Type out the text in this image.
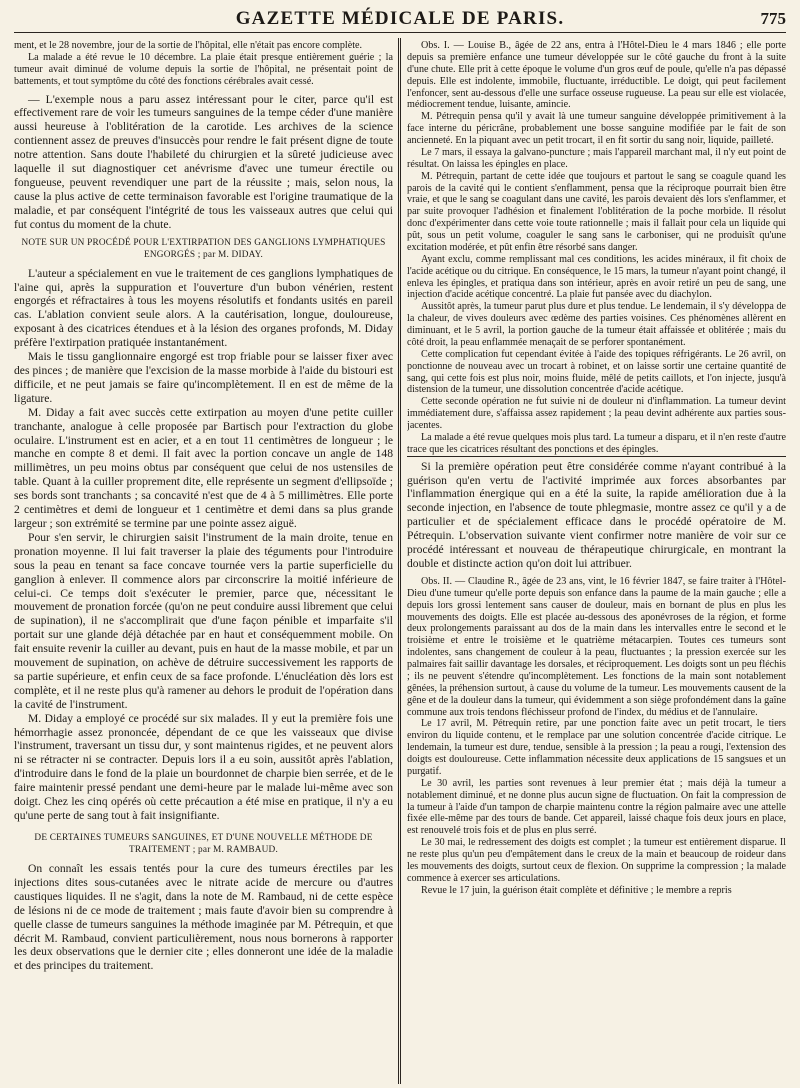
GAZETTE MÉDICALE DE PARIS.	775

ment, et le 28 novembre, jour de la sortie de l'hôpital, elle n'était pas encore complète.

La malade a été revue le 10 décembre. La plaie était presque entièrement guérie ; la tumeur avait diminué de volume depuis la sortie de l'hôpital, ne présentait point de battements, et tout symptôme du côté des fonctions cérébrales avait cessé.

— L'exemple nous a paru assez intéressant pour le citer, parce qu'il est effectivement rare de voir les tumeurs sanguines de la tempe céder d'une manière aussi heureuse à l'oblitération de la carotide. Les archives de la science contiennent assez de preuves d'insuccès pour rendre le fait présent digne de toute notre attention. Sans doute l'habileté du chirurgien et la sûreté judicieuse avec laquelle il sut diagnostiquer cet anévrisme d'avec une tumeur érectile ou fongueuse, peuvent revendiquer une part de la réussite ; mais, selon nous, la cause la plus active de cette terminaison favorable est l'origine traumatique de la maladie, et par conséquent l'intégrité de tous les vaisseaux autres que celui qui fut contus du moment de la chute.

NOTE SUR UN PROCÉDÉ POUR L'EXTIRPATION DES GANGLIONS LYMPHATIQUES ENGORGÉS ; par M. DIDAY.

L'auteur a spécialement en vue le traitement de ces ganglions lymphatiques de l'aine qui, après la suppuration et l'ouverture d'un bubon vénérien, restent engorgés et réfractaires à tous les moyens résolutifs et fondants usités en pareil cas. L'ablation convient seule alors. A la cautérisation, longue, douloureuse, exposant à des cicatrices étendues et à la lésion des organes profonds, M. Diday préfère l'extirpation pratiquée instantanément.

Mais le tissu ganglionnaire engorgé est trop friable pour se laisser fixer avec des pinces ; de manière que l'excision de la masse morbide à l'aide du bistouri est difficile, et ne peut jamais se faire qu'incomplètement. Il en est de même de la ligature.

M. Diday a fait avec succès cette extirpation au moyen d'une petite cuiller tranchante, analogue à celle proposée par Bartisch pour l'extraction du globe oculaire. L'instrument est en acier, et a en tout 11 centimètres de longueur ; le manche en compte 8 et demi. Il fait avec la portion concave un angle de 148 millimètres, un peu moins obtus par conséquent que celui de nos ustensiles de table. Quant à la cuiller proprement dite, elle représente un segment d'ellipsoïde ; ses bords sont tranchants ; sa concavité n'est que de 4 à 5 millimètres. Elle porte 2 centimètres et demi de longueur et 1 centimètre et demi dans sa plus grande largeur ; son extrémité se termine par une pointe assez aiguë.

Pour s'en servir, le chirurgien saisit l'instrument de la main droite, tenue en pronation moyenne. Il lui fait traverser la plaie des téguments pour l'introduire sous la peau en tenant sa face concave tournée vers la partie superficielle du ganglion à enlever. Il commence alors par circonscrire la moitié inférieure de celui-ci. Ce temps doit s'exécuter le premier, parce que, nécessitant le mouvement de pronation forcée (qu'on ne peut conduire aussi librement que celui de supination), il ne s'accomplirait que d'une façon pénible et imparfaite s'il portait sur une glande déjà détachée par en haut et conséquemment mobile. On fait ensuite revenir la cuiller au devant, puis en haut de la masse mobile, et par un mouvement de supination, on achève de détruire successivement les rapports de sa partie supérieure, et enfin ceux de sa face profonde. L'énucléation dès lors est complète, et il ne reste plus qu'à ramener au dehors le produit de l'opération dans la cavité de l'instrument.

M. Diday a employé ce procédé sur six malades. Il y eut la première fois une hémorrhagie assez prononcée, dépendant de ce que les vaisseaux que divise l'instrument, traversant un tissu dur, y sont maintenus rigides, et ne peuvent alors ni se rétracter ni se contracter. Depuis lors il a eu soin, aussitôt après l'ablation, d'introduire dans le fond de la plaie un bourdonnet de charpie bien serrée, et de le faire maintenir pressé pendant une demi-heure par le malade lui-même avec son doigt. Chez les cinq opérés où cette précaution a été mise en pratique, il n'y a eu qu'une perte de sang tout à fait insignifiante.

DE CERTAINES TUMEURS SANGUINES, ET D'UNE NOUVELLE MÉTHODE DE TRAITEMENT ; par M. RAMBAUD.

On connaît les essais tentés pour la cure des tumeurs érectiles par les injections dites sous-cutanées avec le nitrate acide de mercure ou d'autres caustiques liquides. Il ne s'agit, dans la note de M. Rambaud, ni de cette espèce de lésions ni de ce mode de traitement ; mais faute d'avoir bien su comprendre à quelle classe de tumeurs sanguines la méthode imaginée par M. Pétrequin, et que décrit M. Rambaud, convient particulièrement, nous nous bornerons à rapporter les deux observations que le dernier cite ; elles donneront une idée de la maladie et des principes du traitement.

Obs. I. — Louise B., âgée de 22 ans, entra à l'Hôtel-Dieu le 4 mars 1846 ; elle porte depuis sa première enfance une tumeur développée sur le côté gauche du front à la suite d'une chute. Elle prit à cette époque le volume d'un gros œuf de poule, qu'elle n'a pas dépassé depuis. Elle est indolente, immobile, fluctuante, irréductible. Le doigt, qui peut facilement l'enfoncer, sent au-dessous d'elle une surface osseuse rugueuse. La peau sur elle est violacée, médiocrement tendue, luisante, amincie.

M. Pétrequin pensa qu'il y avait là une tumeur sanguine développée primitivement à la face interne du péricrâne, probablement une bosse sanguine modifiée par le fait de son ancienneté. En la piquant avec un petit trocart, il en fit sortir du sang noir, liquide, pailleté.

Le 7 mars, il essaya la galvano-puncture ; mais l'appareil marchant mal, il n'y eut point de résultat. On laissa les épingles en place.

M. Pétrequin, partant de cette idée que toujours et partout le sang se coagule quand les parois de la cavité qui le contient s'enflamment, pensa que la réciproque pourrait bien être vraie, et que le sang se coagulant dans une cavité, les parois devaient dès lors s'enflammer, et par suite provoquer l'adhésion et finalement l'oblitération de la poche morbide. Il résolut donc d'expérimenter dans cette voie toute rationnelle ; mais il fallait pour cela un liquide qui pût, sous un petit volume, coaguler le sang sans le carboniser, qui ne produisît qu'une excitation modérée, et pût enfin être résorbé sans danger.

Ayant exclu, comme remplissant mal ces conditions, les acides minéraux, il fit choix de l'acide acétique ou du citrique. En conséquence, le 15 mars, la tumeur n'ayant point changé, il enleva les épingles, et pratiqua dans son intérieur, après en avoir retiré un peu de sang, une injection d'acide acétique concentré. La plaie fut pansée avec du diachylon.

Aussitôt après, la tumeur parut plus dure et plus tendue. Le lendemain, il s'y développa de la chaleur, de vives douleurs avec œdème des parties voisines. Ces phénomènes allèrent en diminuant, et le 5 avril, la portion gauche de la tumeur était affaissée et oblitérée ; mais du côté droit, la peau enflammée menaçait de se perforer spontanément.

Cette complication fut cependant évitée à l'aide des topiques réfrigérants. Le 26 avril, on ponctionne de nouveau avec un trocart à robinet, et on laisse sortir une certaine quantité de sang, qui cette fois est plus noir, moins fluide, mêlé de petits caillots, et l'on injecte, jusqu'à distension de la tumeur, une dissolution concentrée d'acide acétique.

Cette seconde opération ne fut suivie ni de douleur ni d'inflammation. La tumeur devint immédiatement dure, s'affaissa assez rapidement ; la peau devint adhérente aux parties sous-jacentes.

La malade a été revue quelques mois plus tard. La tumeur a disparu, et il n'en reste d'autre trace que les cicatrices résultant des ponctions et des épingles.

Si la première opération peut être considérée comme n'ayant contribué à la guérison qu'en vertu de l'activité imprimée aux forces absorbantes par l'inflammation énergique qui en a été la suite, la rapide amélioration due à la seconde injection, en l'absence de toute phlegmasie, montre assez ce qu'il y a de particulier et de spécialement efficace dans le procédé opératoire de M. Pétrequin. L'observation suivante vient confirmer notre manière de voir sur ce procédé intéressant et nouveau de thérapeutique chirurgicale, en montrant la double et distincte action qu'on doit lui attribuer.

Obs. II. — Claudine R., âgée de 23 ans, vint, le 16 février 1847, se faire traiter à l'Hôtel-Dieu d'une tumeur qu'elle porte depuis son enfance dans la paume de la main gauche ; elle a depuis lors grossi lentement sans causer de douleur, mais en bornant de plus en plus les mouvements des doigts. Elle est placée au-dessous des aponévroses de la région, et forme deux prolongements paraissant au dos de la main dans les intervalles entre le second et le troisième et entre le troisième et le quatrième métacarpien. Toutes ces tumeurs sont indolentes, sans changement de couleur à la peau, fluctuantes ; la pression exercée sur les palmaires fait saillir davantage les dorsales, et réciproquement. Les doigts sont un peu fléchis ; ils ne peuvent s'étendre qu'incomplètement. Les fonctions de la main sont notablement gênées, la préhension surtout, à cause du volume de la tumeur. Les mouvements causent de la gêne et de la douleur dans la tumeur, qui évidemment a son siège profondément dans la gaîne commune aux trois tendons fléchisseur profond de l'index, du médius et de l'annulaire.

Le 17 avril, M. Pétrequin retire, par une ponction faite avec un petit trocart, le tiers environ du liquide contenu, et le remplace par une solution concentrée d'acide citrique. Le lendemain, la tumeur est dure, tendue, sensible à la pression ; la peau a rougi, l'extension des doigts est douloureuse. Cette inflammation nécessite deux applications de 15 sangsues et un purgatif.

Le 30 avril, les parties sont revenues à leur premier état ; mais déjà la tumeur a notablement diminué, et ne donne plus aucun signe de fluctuation. On fait la compression de la tumeur à l'aide d'un tampon de charpie maintenu contre la région palmaire avec une attelle fixée elle-même par des tours de bande. Cet appareil, laissé chaque fois deux jours en place, est renouvelé trois fois et de plus en plus serré.

Le 30 mai, le redressement des doigts est complet ; la tumeur est entièrement disparue. Il ne reste plus qu'un peu d'empâtement dans le creux de la main et beaucoup de roideur dans les mouvements des doigts, surtout ceux de flexion. On supprime la compression ; la malade commence à exercer ses articulations.

Revue le 17 juin, la guérison était complète et définitive ; le membre a repris
